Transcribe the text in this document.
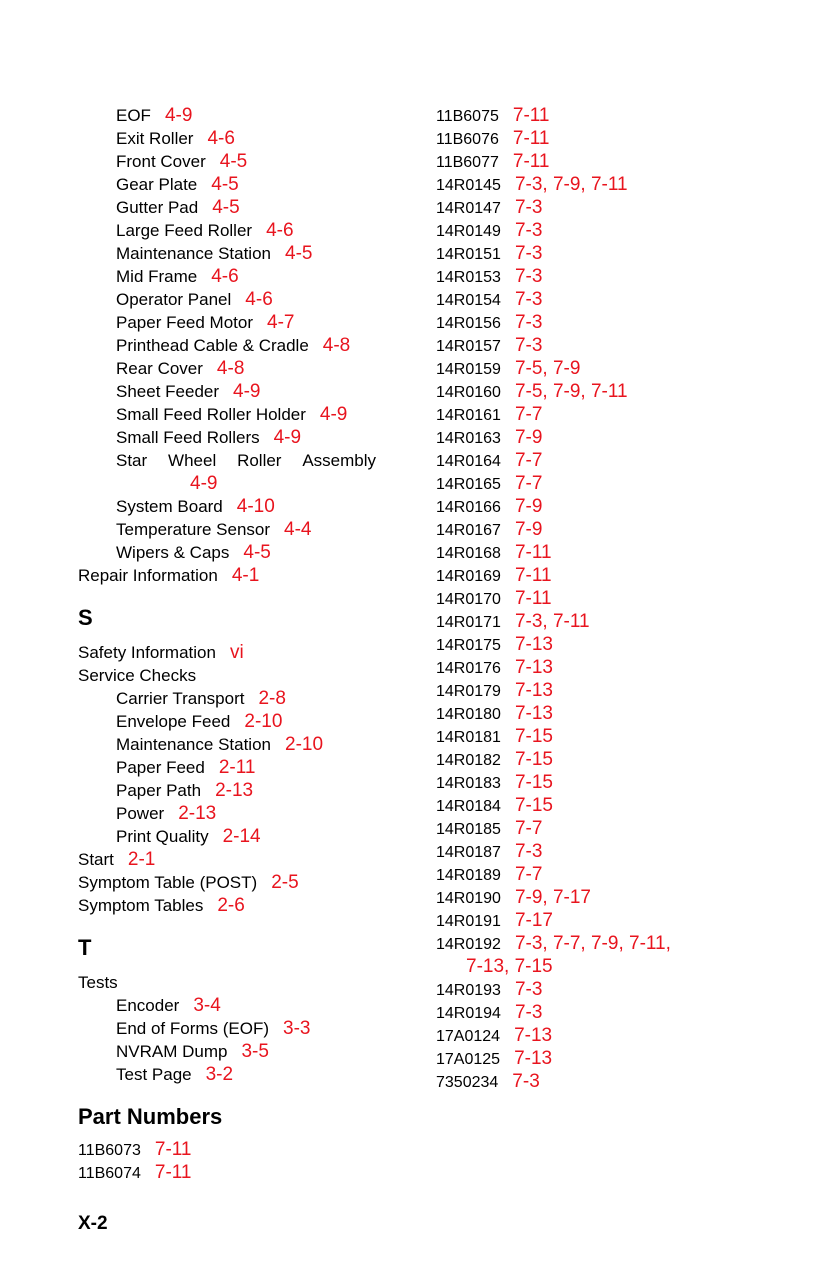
EOF 4-9
Exit Roller 4-6
Front Cover 4-5
Gear Plate 4-5
Gutter Pad 4-5
Large Feed Roller 4-6
Maintenance Station 4-5
Mid Frame 4-6
Operator Panel 4-6
Paper Feed Motor 4-7
Printhead Cable & Cradle 4-8
Rear Cover 4-8
Sheet Feeder 4-9
Small Feed Roller Holder 4-9
Small Feed Rollers 4-9
Star Wheel Roller Assembly
4-9
System Board 4-10
Temperature Sensor 4-4
Wipers & Caps 4-5
Repair Information 4-1
S
Safety Information vi
Service Checks
Carrier Transport 2-8
Envelope Feed 2-10
Maintenance Station 2-10
Paper Feed 2-11
Paper Path 2-13
Power 2-13
Print Quality 2-14
Start 2-1
Symptom Table (POST) 2-5
Symptom Tables 2-6
T
Tests
Encoder 3-4
End of Forms (EOF) 3-3
NVRAM Dump 3-5
Test Page 3-2
Part Numbers
11B6073 7-11
11B6074 7-11
11B6075 7-11
11B6076 7-11
11B6077 7-11
14R0145 7-3, 7-9, 7-11
14R0147 7-3
14R0149 7-3
14R0151 7-3
14R0153 7-3
14R0154 7-3
14R0156 7-3
14R0157 7-3
14R0159 7-5, 7-9
14R0160 7-5, 7-9, 7-11
14R0161 7-7
14R0163 7-9
14R0164 7-7
14R0165 7-7
14R0166 7-9
14R0167 7-9
14R0168 7-11
14R0169 7-11
14R0170 7-11
14R0171 7-3, 7-11
14R0175 7-13
14R0176 7-13
14R0179 7-13
14R0180 7-13
14R0181 7-15
14R0182 7-15
14R0183 7-15
14R0184 7-15
14R0185 7-7
14R0187 7-3
14R0189 7-7
14R0190 7-9, 7-17
14R0191 7-17
14R0192 7-3, 7-7, 7-9, 7-11,
7-13, 7-15
14R0193 7-3
14R0194 7-3
17A0124 7-13
17A0125 7-13
7350234 7-3
X-2
